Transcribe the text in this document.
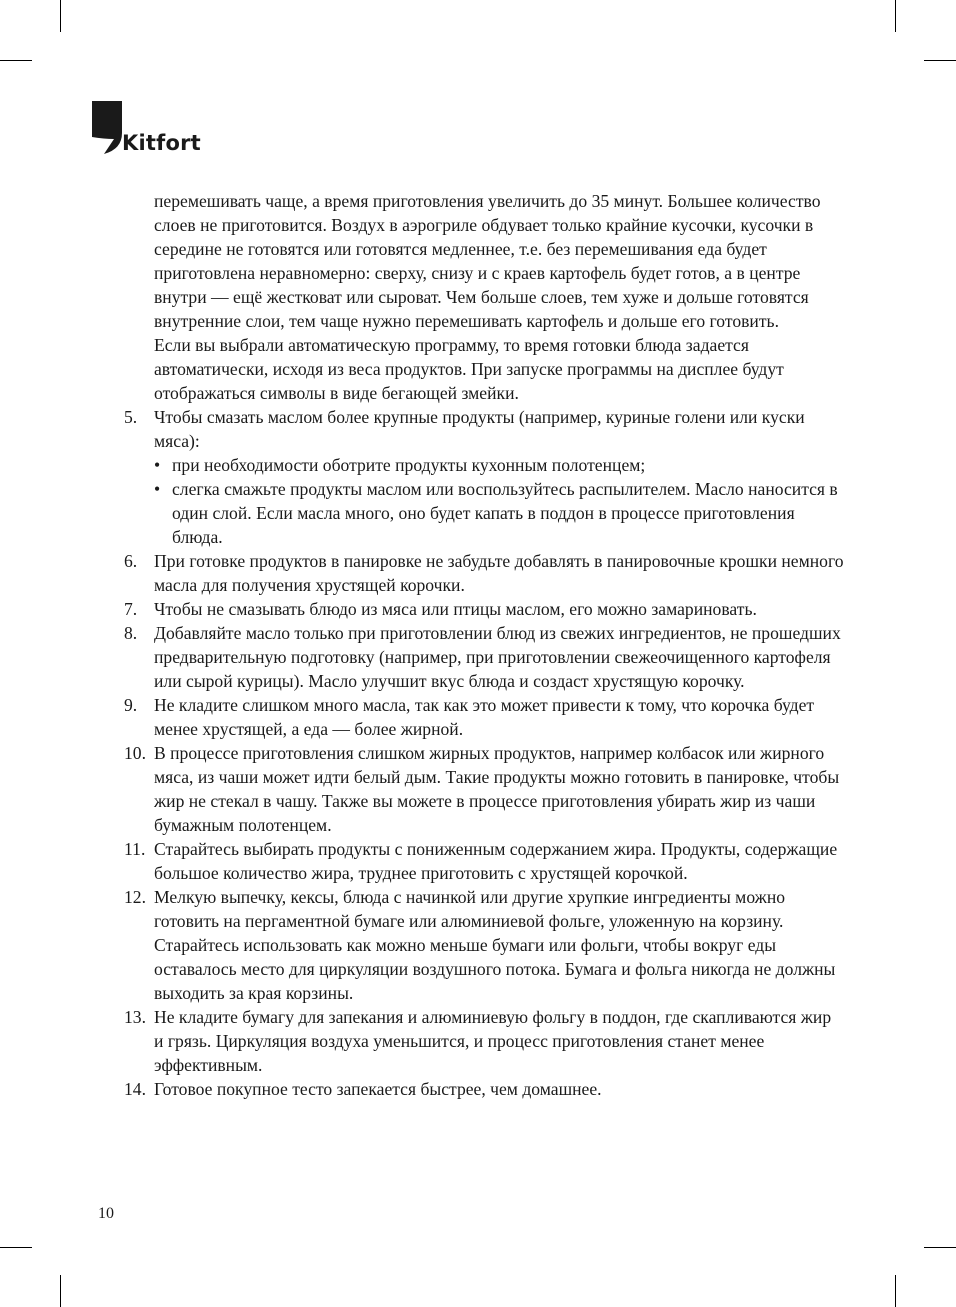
Kitfort

перемешивать чаще, а время приготовления увеличить до 35 минут. Большее количество слоев не приготовится. Воздух в аэрогриле обдувает только крайние кусочки, кусочки в середине не готовятся или готовятся медленнее, т.е. без перемешивания еда будет приготовлена неравномерно: сверху, снизу и с краев картофель будет готов, а в центре внутри — ещё жестковат или сыроват. Чем больше слоев, тем хуже и дольше готовятся внутренние слои, тем чаще нужно перемешивать картофель и дольше его готовить.

Если вы выбрали автоматическую программу, то время готовки блюда задается автоматически, исходя из веса продуктов. При запуске программы на дисплее будут отображаться символы в виде бегающей змейки.

5. Чтобы смазать маслом более крупные продукты (например, куриные голени или куски мяса):
• при необходимости оботрите продукты кухонным полотенцем;
• слегка смажьте продукты маслом или воспользуйтесь распылителем. Масло наносится в один слой. Если масла много, оно будет капать в поддон в процессе приготовления блюда.
6. При готовке продуктов в панировке не забудьте добавлять в панировочные крошки немного масла для получения хрустящей корочки.
7. Чтобы не смазывать блюдо из мяса или птицы маслом, его можно замариновать.
8. Добавляйте масло только при приготовлении блюд из свежих ингредиентов, не прошедших предварительную подготовку (например, при приготовлении свежеочищенного картофеля или сырой курицы). Масло улучшит вкус блюда и создаст хрустящую корочку.
9. Не кладите слишком много масла, так как это может привести к тому, что корочка будет менее хрустящей, а еда — более жирной.
10. В процессе приготовления слишком жирных продуктов, например колбасок или жирного мяса, из чаши может идти белый дым. Такие продукты можно готовить в панировке, чтобы жир не стекал в чашу. Также вы можете в процессе приготовления убирать жир из чаши бумажным полотенцем.
11. Старайтесь выбирать продукты с пониженным содержанием жира. Продукты, содержащие большое количество жира, труднее приготовить с хрустящей корочкой.
12. Мелкую выпечку, кексы, блюда с начинкой или другие хрупкие ингредиенты можно готовить на пергаментной бумаге или алюминиевой фольге, уложенную на корзину. Старайтесь использовать как можно меньше бумаги или фольги, чтобы вокруг еды оставалось место для циркуляции воздушного потока. Бумага и фольга никогда не должны выходить за края корзины.
13. Не кладите бумагу для запекания и алюминиевую фольгу в поддон, где скапливаются жир и грязь. Циркуляция воздуха уменьшится, и процесс приготовления станет менее эффективным.
14. Готовое покупное тесто запекается быстрее, чем домашнее.
10
